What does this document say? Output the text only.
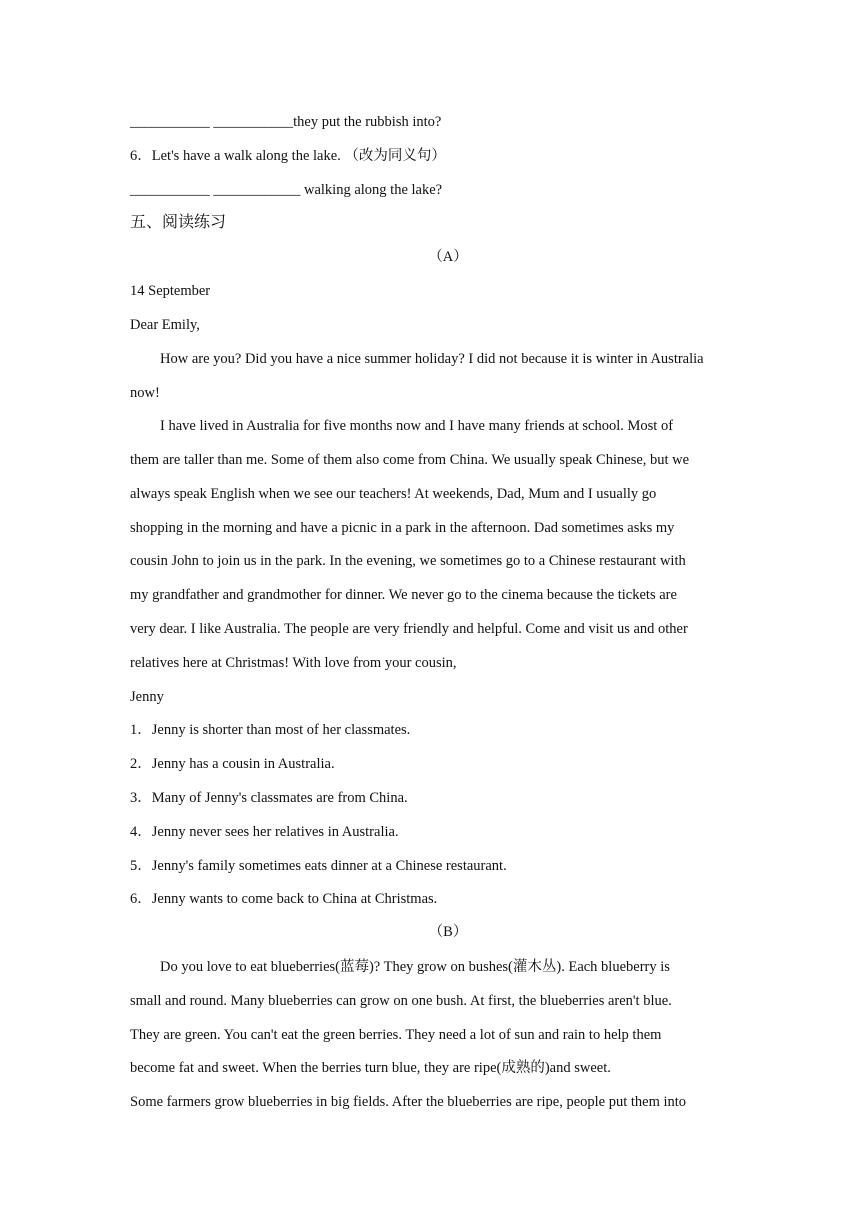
___________ ___________they put the rubbish into?
6．Let's have a walk along the lake. （改为同义句）
___________ ____________ walking along the lake?
五、阅读练习
（A）
14 September
Dear Emily,
How are you? Did you have a nice summer holiday? I did not because it is winter in Australia
now!
I have lived in Australia for five months now and I have many friends at school. Most of
them are taller than me. Some of them also come from China. We usually speak Chinese, but we
always speak English when we see our teachers! At weekends, Dad, Mum and I usually go
shopping in the morning and have a picnic in a park in the afternoon. Dad sometimes asks my
cousin John to join us in the park. In the evening, we sometimes go to a Chinese restaurant with
my grandfather and grandmother for dinner. We never go to the cinema because the tickets are
very dear. I like Australia. The people are very friendly and helpful. Come and visit us and other
relatives here at Christmas! With love from your cousin,
Jenny
1．Jenny is shorter than most of her classmates.
2．Jenny has a cousin in Australia.
3．Many of Jenny's classmates are from China.
4．Jenny never sees her relatives in Australia.
5．Jenny's family sometimes eats dinner at a Chinese restaurant.
6．Jenny wants to come back to China at Christmas.
（B）
Do you love to eat blueberries(蓝莓)? They grow on bushes(灌木丛). Each blueberry is
small and round. Many blueberries can grow on one bush. At first, the blueberries aren't blue.
They are green. You can't eat the green berries. They need a lot of sun and rain to help them
become fat and sweet. When the berries turn blue, they are ripe(成熟的)and sweet.
Some farmers grow blueberries in big fields. After the blueberries are ripe, people put them into
